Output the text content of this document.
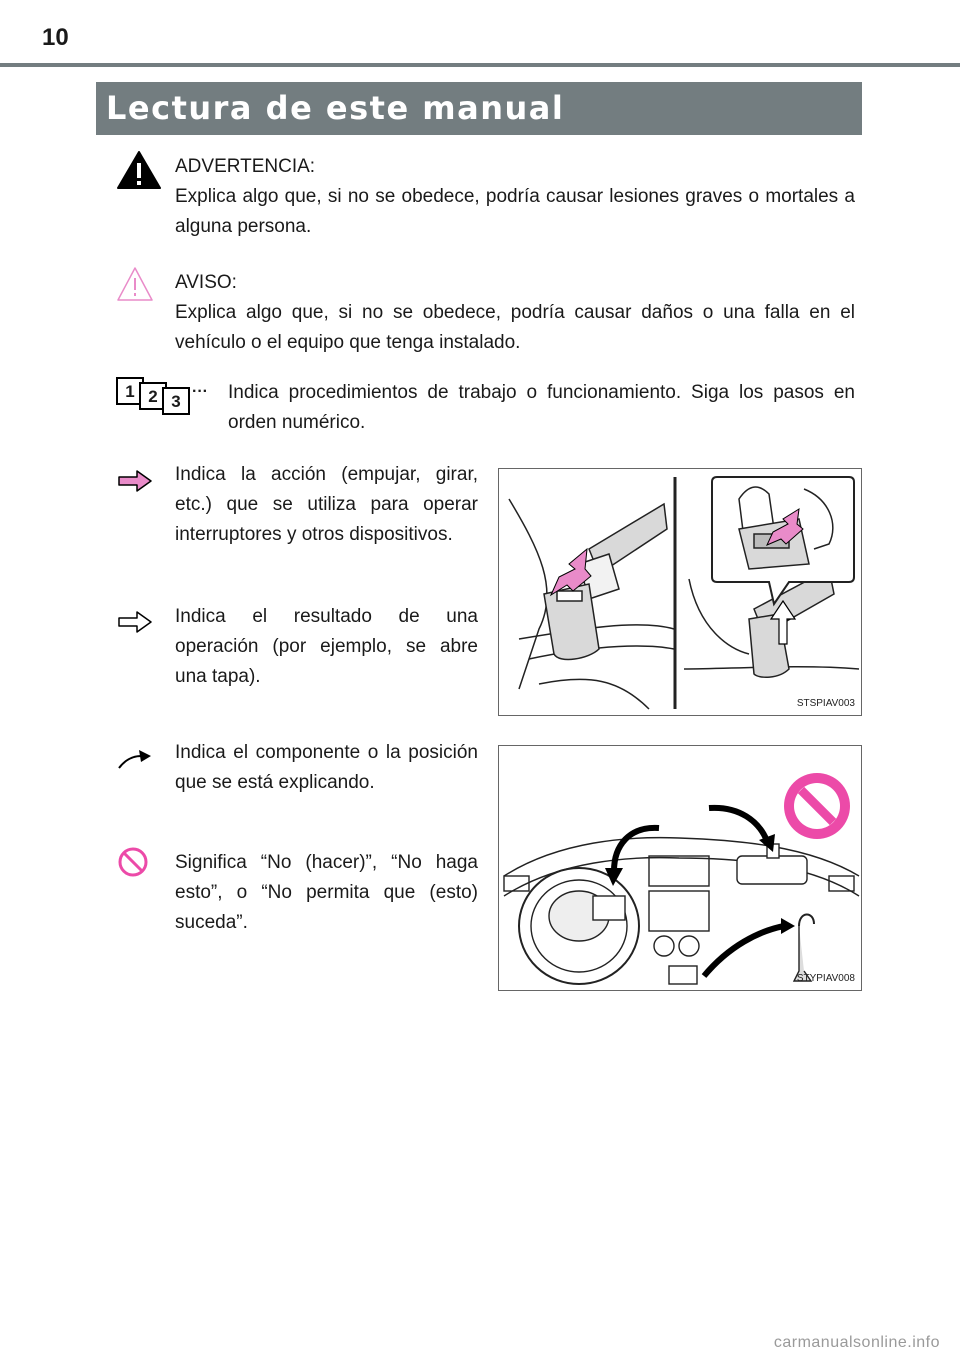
10
Lectura de este manual
ADVERTENCIA:
Explica algo que, si no se obedece, podría causar lesiones graves o mortales a alguna persona.
AVISO:
Explica algo que, si no se obedece, podría causar daños o una falla en el vehículo o el equipo que tenga instalado.
1 2 3
··· Indica procedimientos de trabajo o funcionamiento. Siga los pasos en orden numérico.
Indica la acción (empujar, girar, etc.) que se utiliza para operar interruptores y otros dispositivos.
Indica el resultado de una operación (por ejemplo, se abre una tapa).
STSPIAV003
Indica el componente o la posición que se está explicando.
Significa “No (hacer)”, “No haga esto”, o “No permita que (esto) suceda”.
STYPIAV008
carmanualsonline.info
